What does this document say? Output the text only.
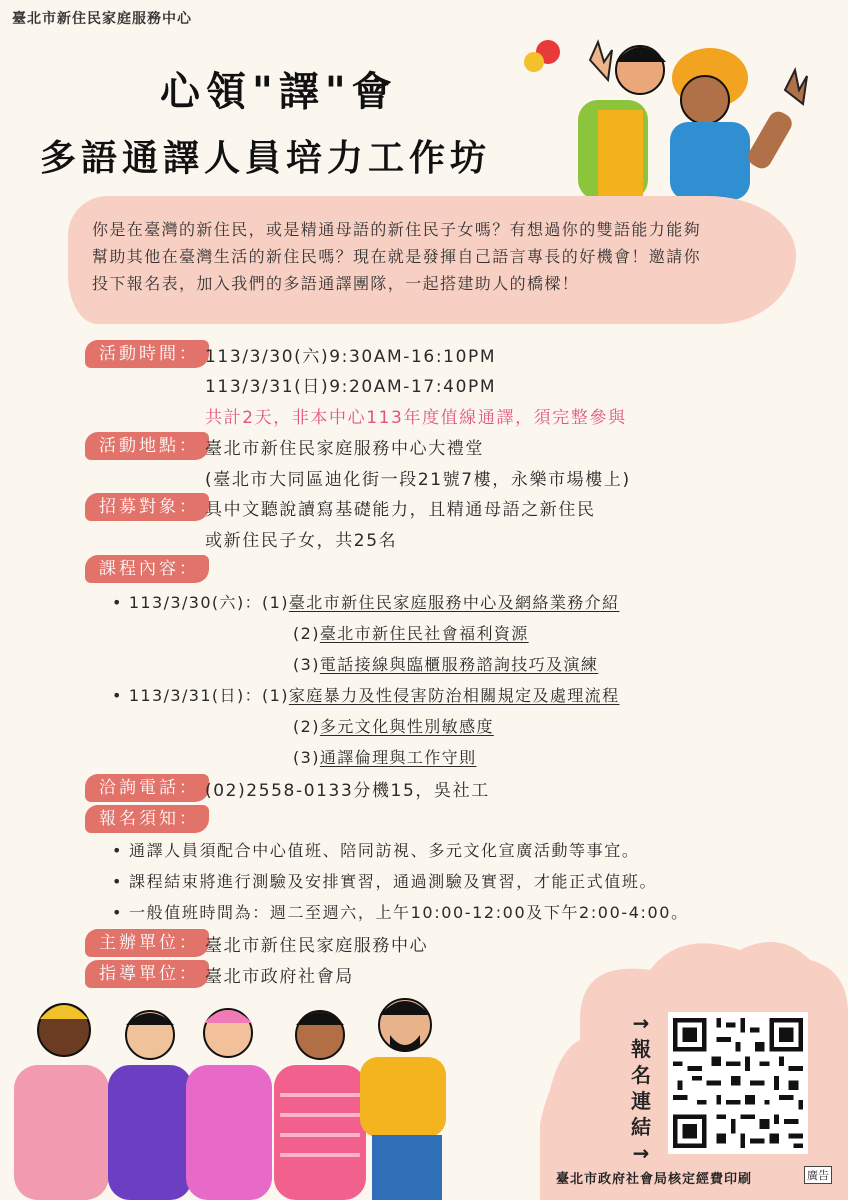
臺北市新住民家庭服務中心
心領"譯"會
多語通譯人員培力工作坊
你是在臺灣的新住民，或是精通母語的新住民子女嗎？有想過你的雙語能力能夠
幫助其他在臺灣生活的新住民嗎？現在就是發揮自己語言專長的好機會！邀請你
投下報名表，加入我們的多語通譯團隊，一起搭建助人的橋樑！
活動時間： 113/3/30(六)9:30AM-16:10PM
113/3/31(日)9:20AM-17:40PM
共計2天，非本中心113年度值線通譯，須完整參與
活動地點： 臺北市新住民家庭服務中心大禮堂
(臺北市大同區迪化街一段21號7樓，永樂市場樓上)
招募對象： 具中文聽說讀寫基礎能力，且精通母語之新住民
或新住民子女，共25名
課程內容：
• 113/3/30(六)：(1)臺北市新住民家庭服務中心及網絡業務介紹
(2)臺北市新住民社會福利資源
(3)電話接線與臨櫃服務諮詢技巧及演練
• 113/3/31(日)：(1)家庭暴力及性侵害防治相關規定及處理流程
(2)多元文化與性別敏感度
(3)通譯倫理與工作守則
洽詢電話： (02)2558-0133分機15，吳社工
報名須知：
• 通譯人員須配合中心值班、陪同訪視、多元文化宣廣活動等事宜。
• 課程結束將進行測驗及安排實習，通過測驗及實習，才能正式值班。
• 一般值班時間為：週二至週六，上午10:00-12:00及下午2:00-4:00。
主辦單位： 臺北市新住民家庭服務中心
指導單位： 臺北市政府社會局
→
報
名
連
結
→
臺北市政府社會局核定經費印刷	廣告
